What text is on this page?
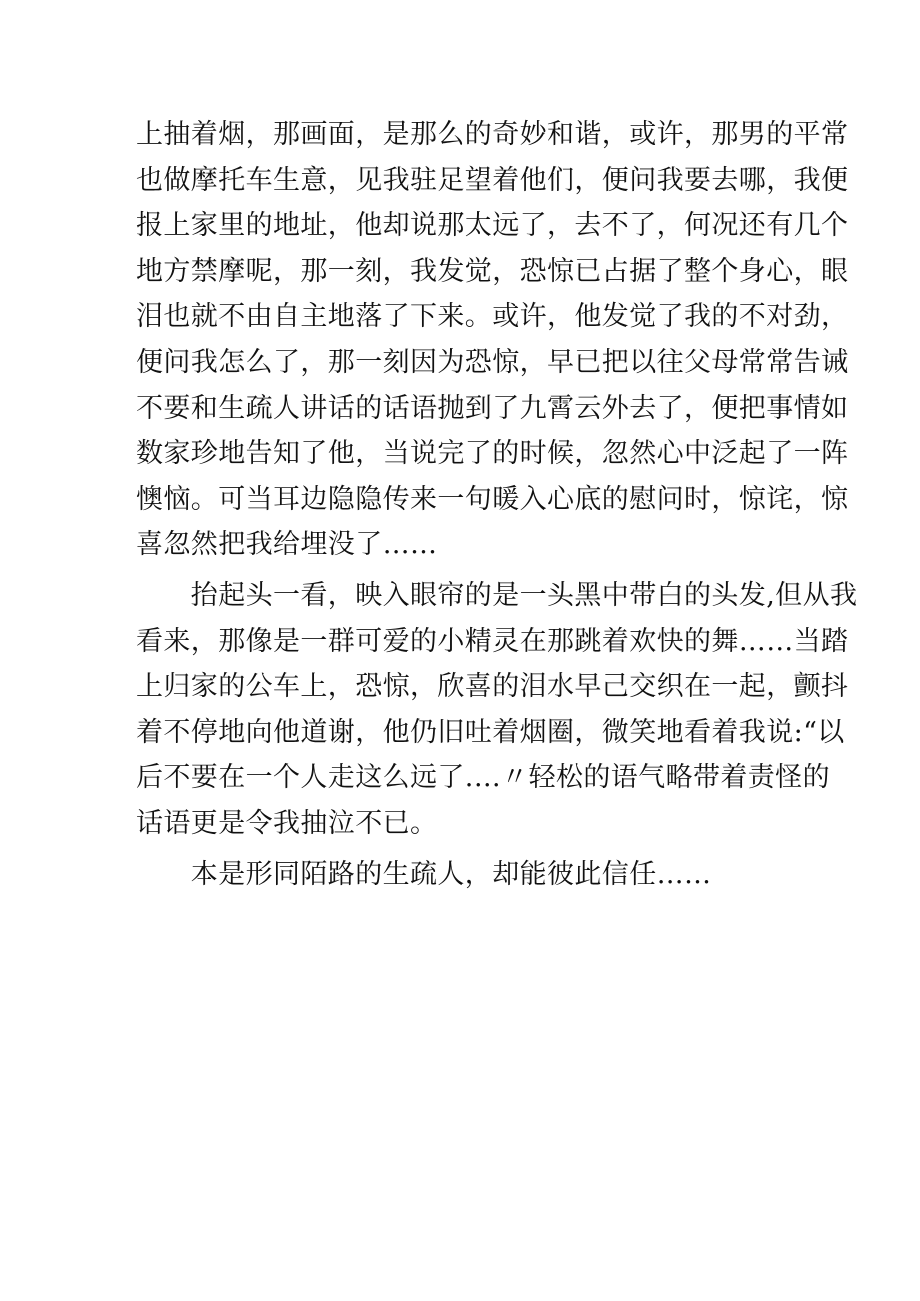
上抽着烟，那画面，是那么的奇妙和谐，或许，那男的平常
也做摩托车生意，见我驻足望着他们，便问我要去哪，我便
报上家里的地址，他却说那太远了，去不了，何况还有几个
地方禁摩呢，那一刻，我发觉，恐惊已占据了整个身心，眼
泪也就不由自主地落了下来。或许，他发觉了我的不对劲，
便问我怎么了，那一刻因为恐惊，早已把以往父母常常告诫
不要和生疏人讲话的话语抛到了九霄云外去了，便把事情如
数家珍地告知了他，当说完了的时候，忽然心中泛起了一阵
懊恼。可当耳边隐隐传来一句暖入心底的慰问时，惊诧，惊
喜忽然把我给埋没了……
　　抬起头一看，映入眼帘的是一头黑中带白的头发,但从我
看来，那像是一群可爱的小精灵在那跳着欢快的舞……当踏
上归家的公车上，恐惊，欣喜的泪水早己交织在一起，颤抖
着不停地向他道谢，他仍旧吐着烟圈，微笑地看着我说:“以
后不要在一个人走这么远了.…〃轻松的语气略带着责怪的
话语更是令我抽泣不已。
　　本是形同陌路的生疏人，却能彼此信任……
